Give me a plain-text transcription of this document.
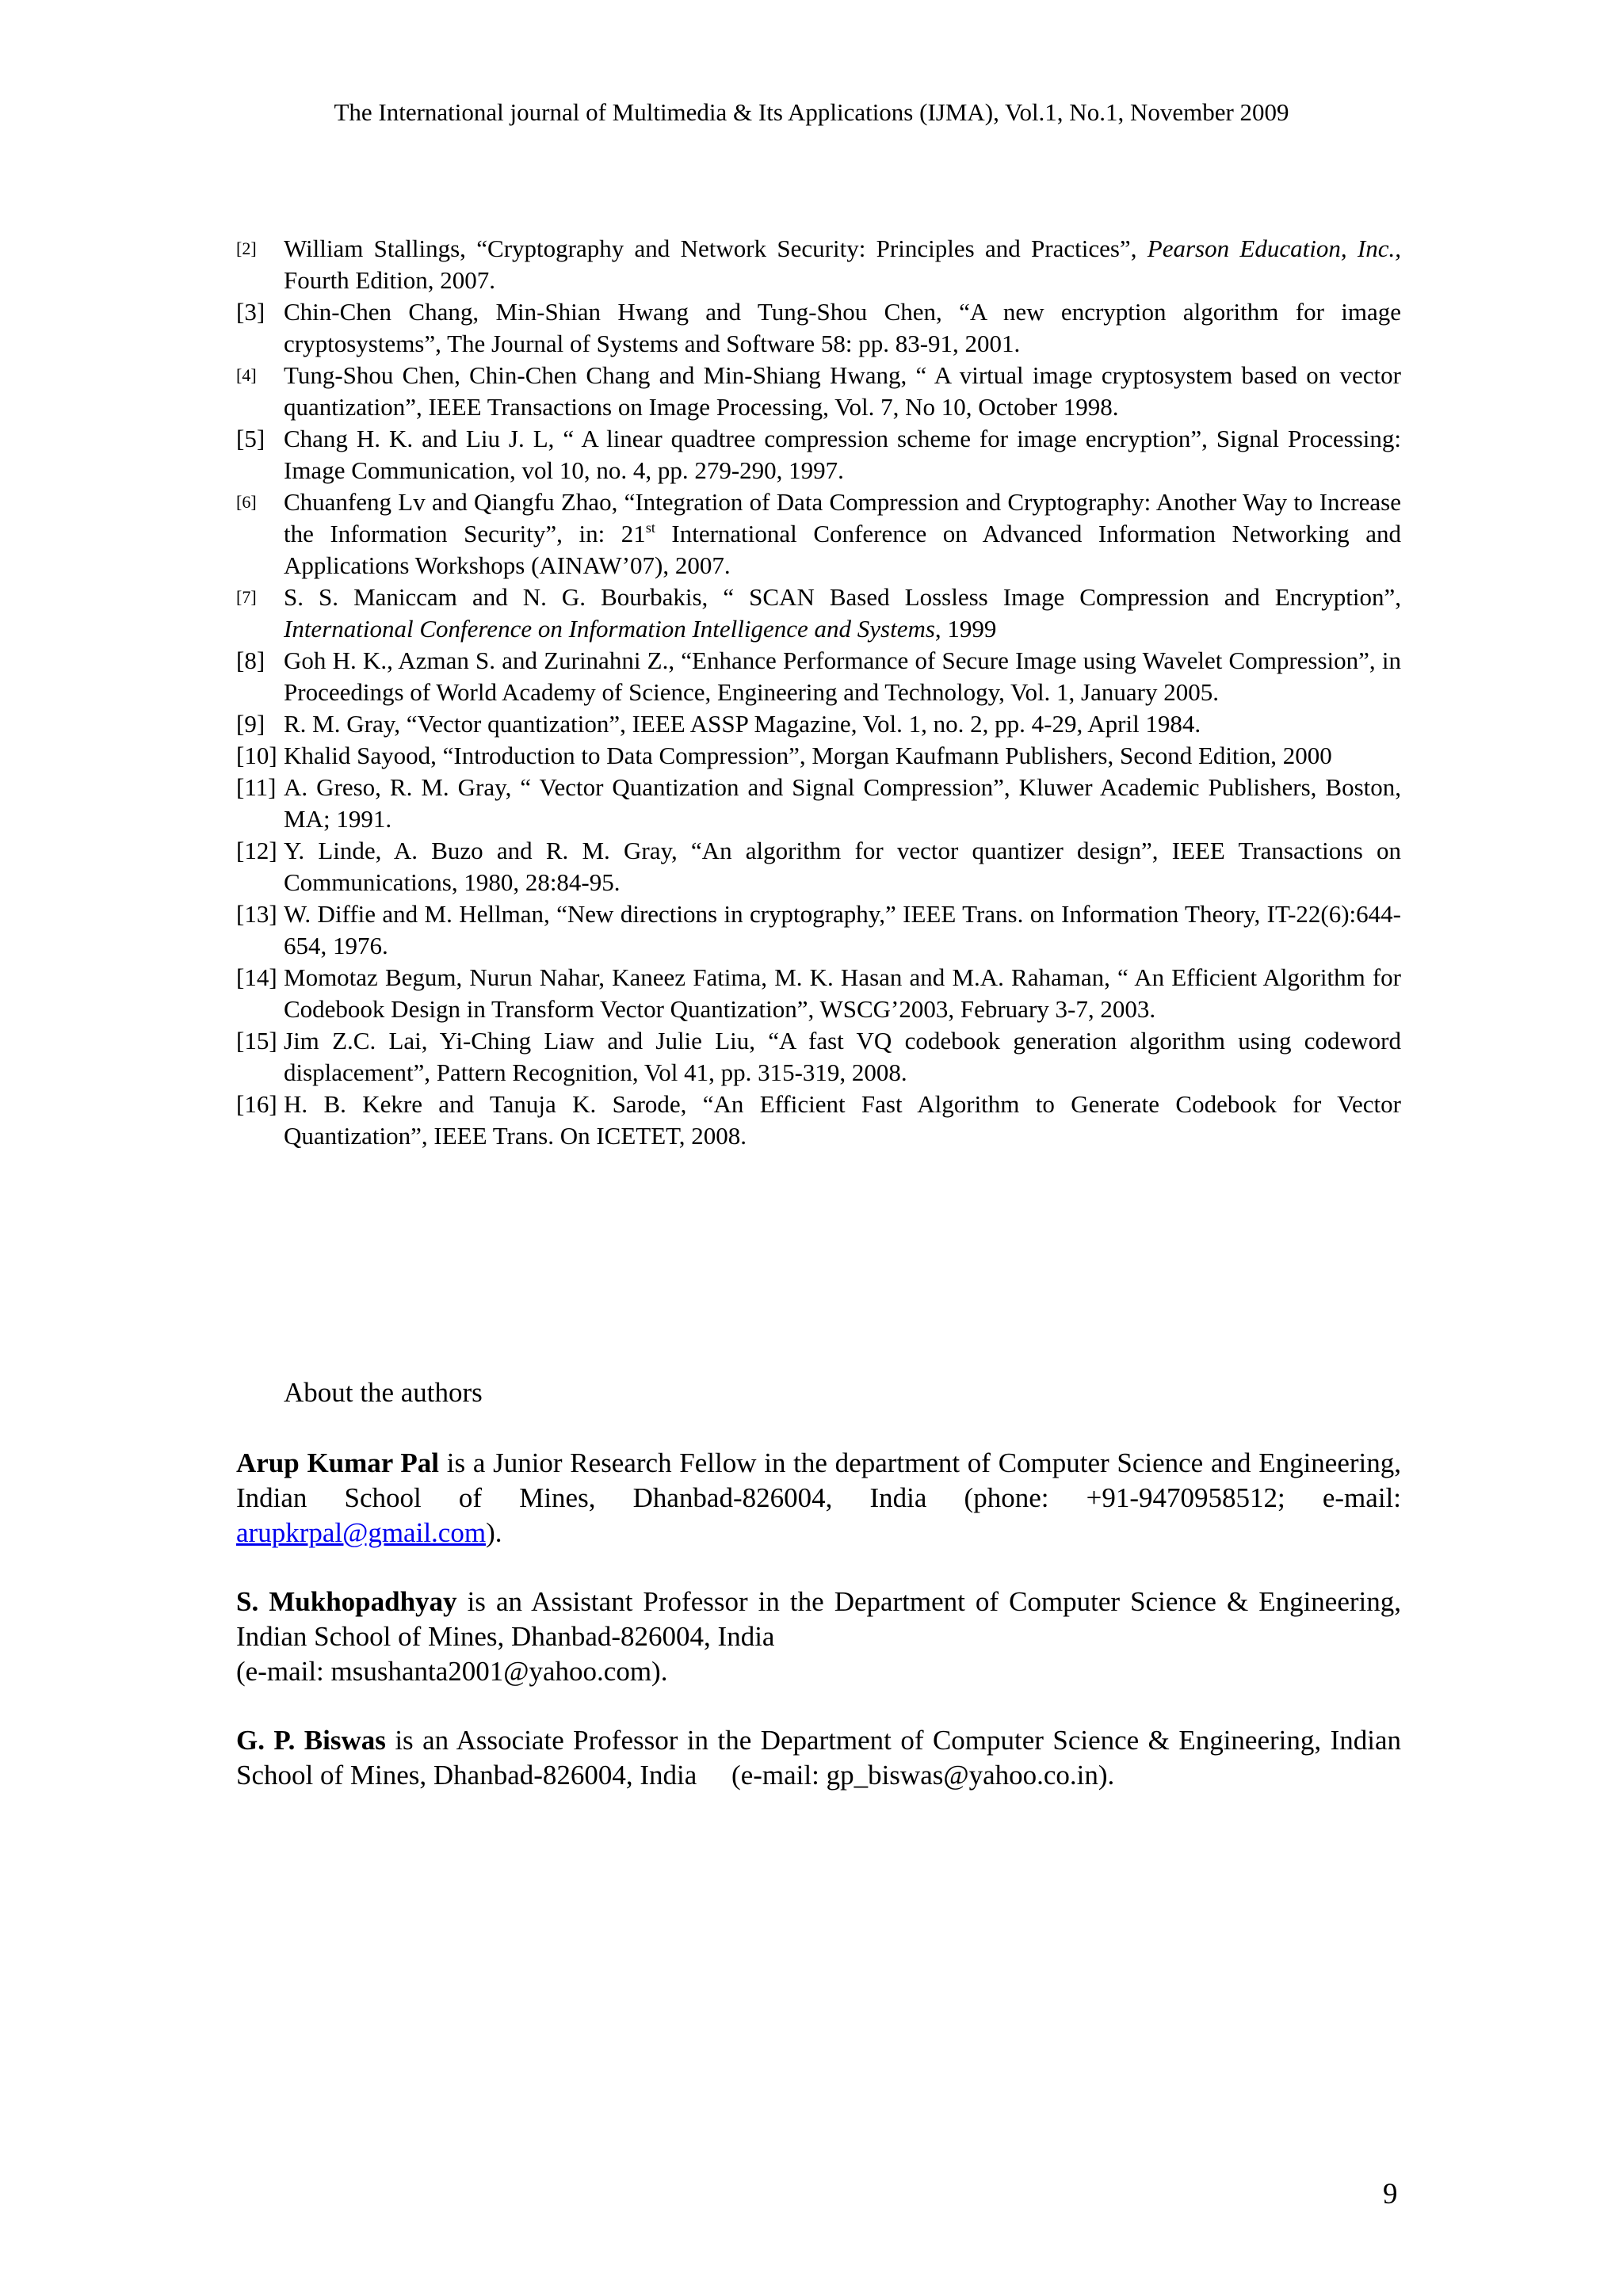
The International journal of Multimedia & Its Applications (IJMA), Vol.1, No.1, November 2009
[2] William Stallings, “Cryptography and Network Security: Principles and Practices”, Pearson Education, Inc., Fourth Edition, 2007.
[3] Chin-Chen Chang, Min-Shian Hwang and Tung-Shou Chen, “A new encryption algorithm for image cryptosystems”, The Journal of Systems and Software 58: pp. 83-91, 2001.
[4] Tung-Shou Chen, Chin-Chen Chang and Min-Shiang Hwang, “ A virtual image cryptosystem based on vector quantization”, IEEE Transactions on Image Processing, Vol. 7, No 10, October 1998.
[5] Chang H. K. and Liu J. L, “ A linear quadtree compression scheme for image encryption”, Signal Processing: Image Communication, vol 10, no. 4, pp. 279-290, 1997.
[6] Chuanfeng Lv and Qiangfu Zhao, “Integration of Data Compression and Cryptography: Another Way to Increase the Information Security”, in: 21st International Conference on Advanced Information Networking and Applications Workshops (AINAW’07), 2007.
[7] S. S. Maniccam and N. G. Bourbakis, “ SCAN Based Lossless Image Compression and Encryption”, International Conference on Information Intelligence and Systems, 1999
[8] Goh H. K., Azman S. and Zurinahni Z., “Enhance Performance of Secure Image using Wavelet Compression”, in Proceedings of World Academy of Science, Engineering and Technology, Vol. 1, January 2005.
[9] R. M. Gray, “Vector quantization”, IEEE ASSP Magazine, Vol. 1, no. 2, pp. 4-29, April 1984.
[10] Khalid Sayood, “Introduction to Data Compression”, Morgan Kaufmann Publishers, Second Edition, 2000
[11] A. Greso, R. M. Gray, “ Vector Quantization and Signal Compression”, Kluwer Academic Publishers, Boston, MA; 1991.
[12] Y. Linde, A. Buzo and R. M. Gray, “An algorithm for vector quantizer design”, IEEE Transactions on Communications, 1980, 28:84-95.
[13] W. Diffie and M. Hellman, “New directions in cryptography,” IEEE Trans. on Information Theory, IT-22(6):644-654, 1976.
[14] Momotaz Begum, Nurun Nahar, Kaneez Fatima, M. K. Hasan and M.A. Rahaman, “ An Efficient Algorithm for Codebook Design in Transform Vector Quantization”, WSCG’2003, February 3-7, 2003.
[15] Jim Z.C. Lai, Yi-Ching Liaw and Julie Liu, “A fast VQ codebook generation algorithm using codeword displacement”, Pattern Recognition, Vol 41, pp. 315-319, 2008.
[16] H. B. Kekre and Tanuja K. Sarode, “An Efficient Fast Algorithm to Generate Codebook for Vector Quantization”, IEEE Trans. On ICETET, 2008.
About the authors
Arup Kumar Pal is a Junior Research Fellow in the department of Computer Science and Engineering, Indian School of Mines, Dhanbad-826004, India (phone: +91-9470958512; e-mail: arupkrpal@gmail.com).
S. Mukhopadhyay is an Assistant Professor in the Department of Computer Science & Engineering, Indian School of Mines, Dhanbad-826004, India
(e-mail: msushanta2001@yahoo.com).
G. P. Biswas is an Associate Professor in the Department of Computer Science & Engineering, Indian School of Mines, Dhanbad-826004, India     (e-mail: gp_biswas@yahoo.co.in).
9
